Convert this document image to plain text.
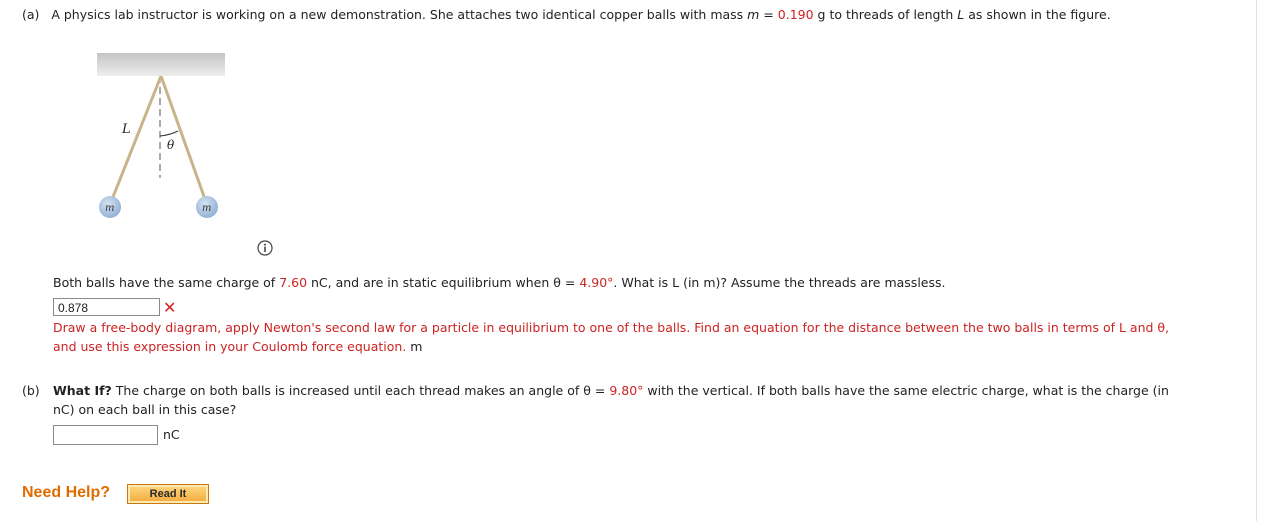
(a) A physics lab instructor is working on a new demonstration. She attaches two identical copper balls with mass m = 0.190 g to threads of length L as shown in the figure.
L
θ
m	m
Both balls have the same charge of 7.60 nC, and are in static equilibrium when θ = 4.90°. What is L (in m)? Assume the threads are massless.
0.878	✕
Draw a free-body diagram, apply Newton's second law for a particle in equilibrium to one of the balls. Find an equation for the distance between the two balls in terms of L and θ,
and use this expression in your Coulomb force equation. m
(b) What If? The charge on both balls is increased until each thread makes an angle of θ = 9.80° with the vertical. If both balls have the same electric charge, what is the charge (in
nC) on each ball in this case?
nC
Need Help?	Read It
